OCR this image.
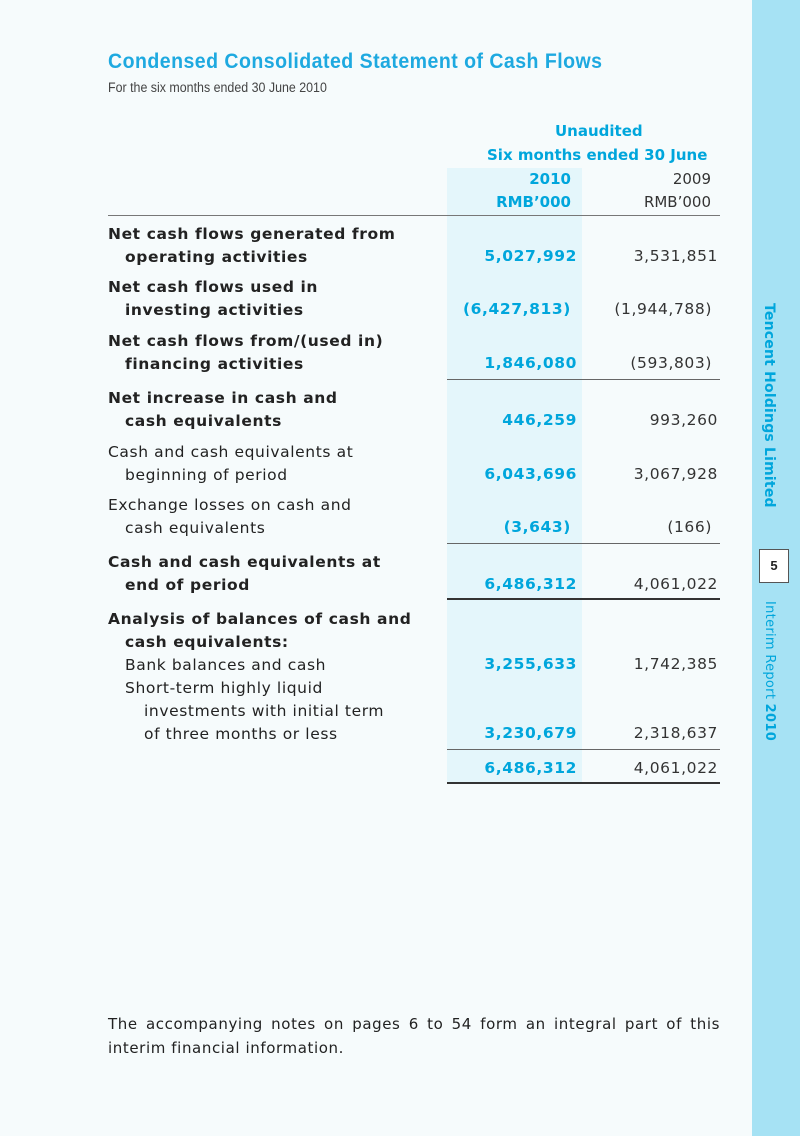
Tencent Holdings Limited
5
Interim Report 2010
Condensed Consolidated Statement of Cash Flows
For the six months ended 30 June 2010
Unaudited
Six months ended 30 June
2010	2009
RMB’000	RMB’000
Net cash flows generated from
operating activities	5,027,992	3,531,851
Net cash flows used in
investing activities	(6,427,813)	(1,944,788)
Net cash flows from/(used in)
financing activities	1,846,080	(593,803)
Net increase in cash and
cash equivalents	446,259	993,260
Cash and cash equivalents at
beginning of period	6,043,696	3,067,928
Exchange losses on cash and
cash equivalents	(3,643)	(166)
Cash and cash equivalents at
end of period	6,486,312	4,061,022
Analysis of balances of cash and
cash equivalents:
Bank balances and cash	3,255,633	1,742,385
Short-term highly liquid
investments with initial term
of three months or less	3,230,679	2,318,637
6,486,312	4,061,022
The accompanying notes on pages 6 to 54 form an integral part of this interim financial information.
